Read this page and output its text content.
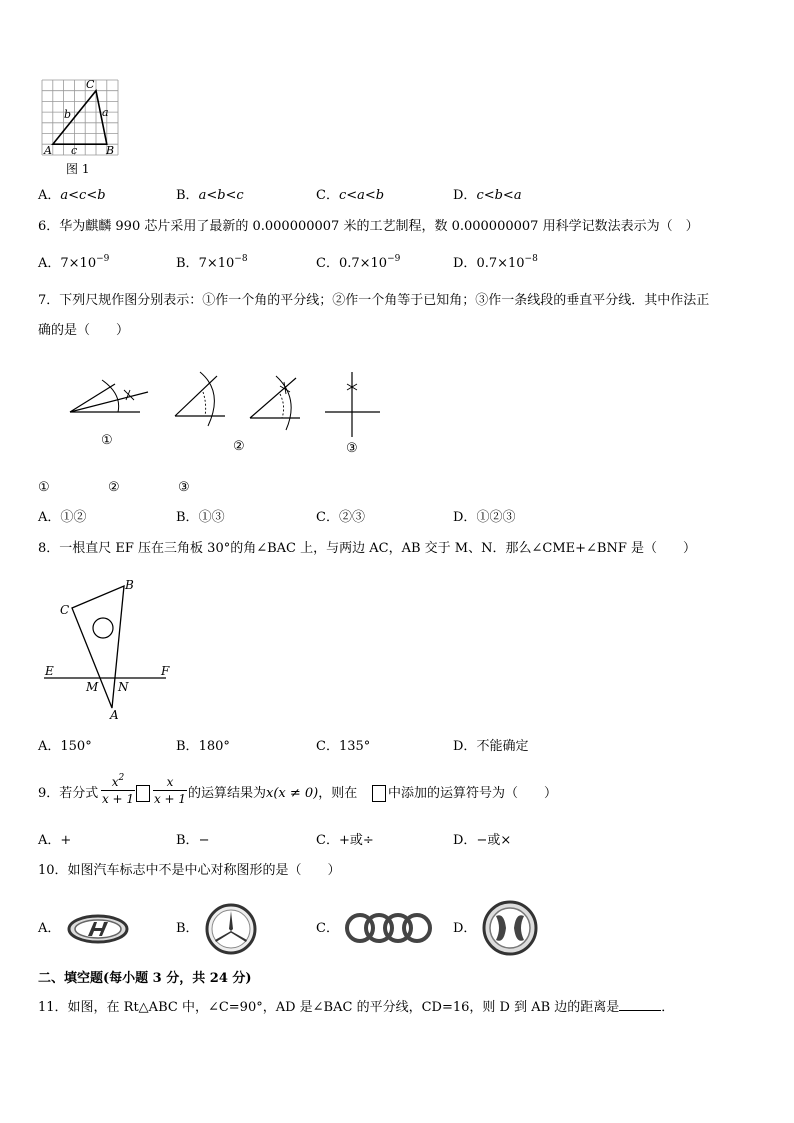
C
a
b
A c	B
图 1
A．a<c<b	B．a<b<c	C．c<a<b	D．c<b<a
6．华为麒麟 990 芯片采用了最新的 0.000000007 米的工艺制程，数 0.000000007 用科学记数法表示为（　）
A．$7\times 10^{-9}$	B．$7\times 10^{-8}$	C．$0.7\times 10^{-9}$	D．$0.7\times 10^{-8}$
7．下列尺规作图分别表示：①作一个角的平分线；②作一个角等于已知角；③作一条线段的垂直平分线．其中作法正
确的是（　　）
①	②	③
①	②	③
A．①②	B．①③	C．②③	D．①②③
8．一根直尺 EF 压在三角板 30°的角∠BAC 上，与两边 AC，AB 交于 M、N．那么∠CME+∠BNF 是（　　）
B
C
E	F
M N
A
A．150°	B．180°	C．135°	D．不能确定
9．若分式 $\frac{x^2}{x + 1} \frac{x}{x + 1}$ 的运算结果为x(x ≠ 0)，则在 中添加的运算符号为（　　）
A．+	B．−	C．+或÷	D．−或×
10．如图汽车标志中不是中心对称图形的是（　　）
A．	B．	C．	D．
二、填空题(每小题 3 分，共 24 分)
11．如图，在 Rt△ABC 中，∠C=90°，AD 是∠BAC 的平分线，CD=16，则 D 到 AB 边的距离是	．
